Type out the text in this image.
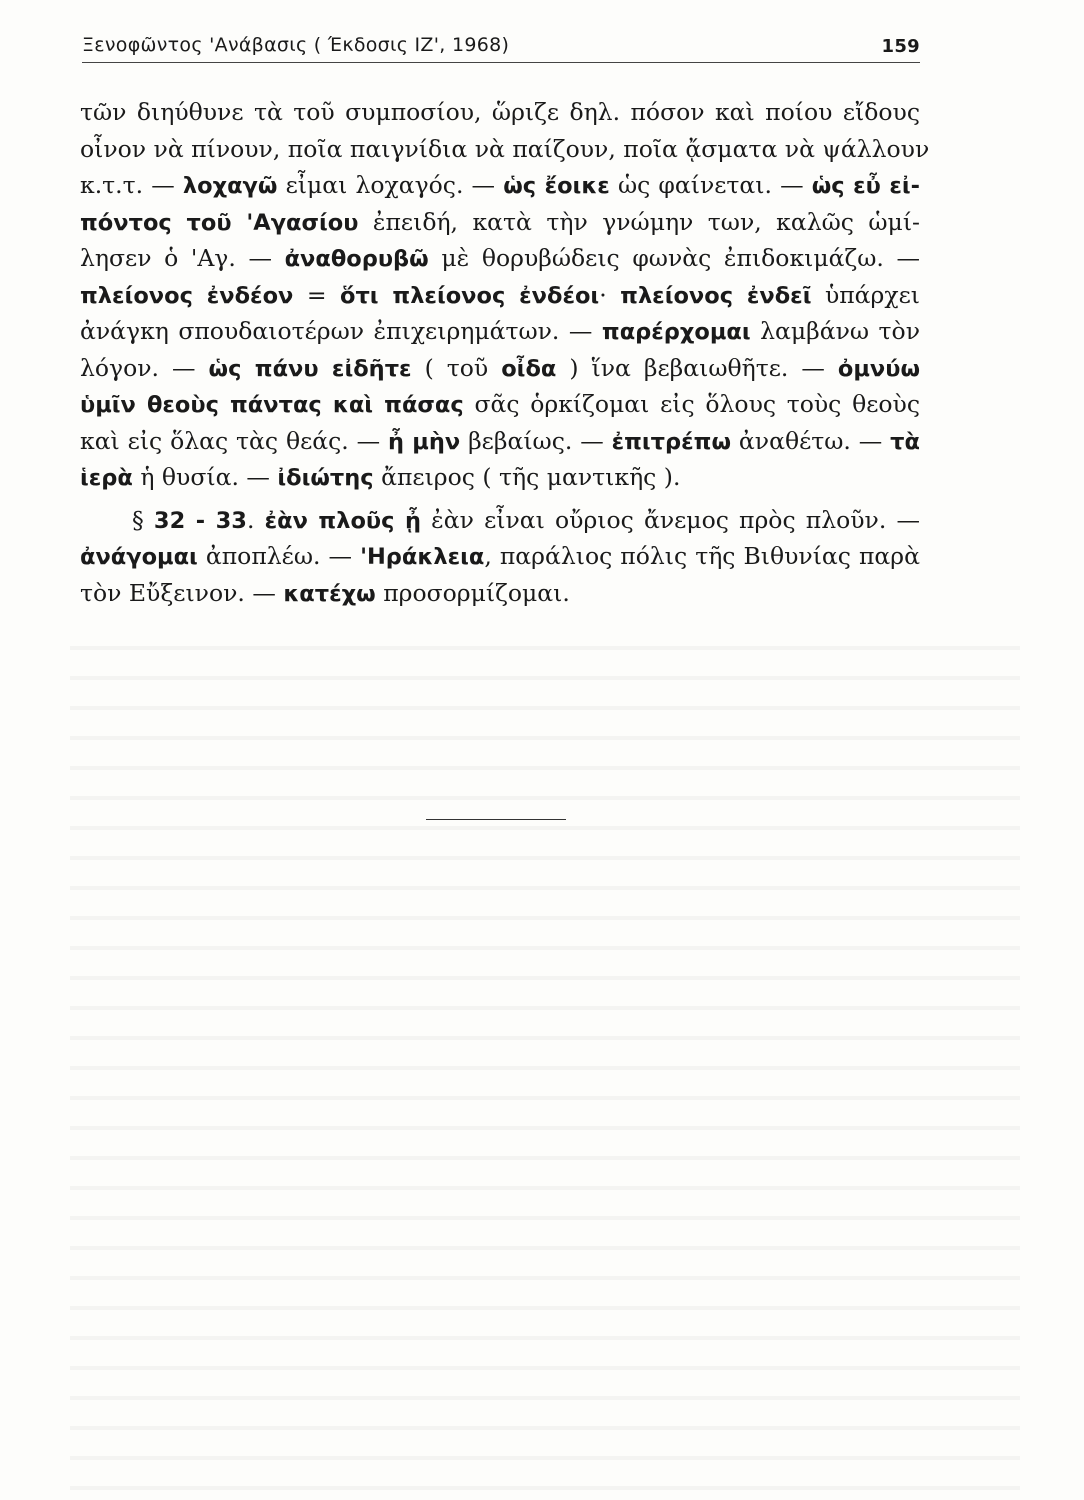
Ξενοφῶντος 'Ανάβασις ( Έκδοσις ΙΖ', 1968)	159
τῶν διηύθυνε τὰ τοῦ συμποσίου, ὥριζε δηλ. πόσον καὶ ποίου εἴδους
οἶνον νὰ πίνουν, ποῖα παιγνίδια νὰ παίζουν, ποῖα ᾄσματα νὰ ψάλλουν
κ.τ.τ. — λοχαγῶ εἶμαι λοχαγός. — ὡς ἔοικε ὡς φαίνεται. — ὡς εὖ εἰ-
πόντος τοῦ 'Αγασίου ἐπειδή, κατὰ τὴν γνώμην των, καλῶς ὡμί-
λησεν ὁ 'Αγ. — ἀναθορυβῶ μὲ θορυβώδεις φωνὰς ἐπιδοκιμάζω. —
πλείονος ἐνδέον = ὅτι πλείονος ἐνδέοι· πλείονος ἐνδεῖ ὑπάρχει
ἀνάγκη σπουδαιοτέρων ἐπιχειρημάτων. — παρέρχομαι λαμβάνω τὸν
λόγον. — ὡς πάνυ εἰδῆτε ( τοῦ οἶδα ) ἵνα βεβαιωθῆτε. — ὀμνύω
ὑμῖν θεοὺς πάντας καὶ πάσας σᾶς ὁρκίζομαι εἰς ὅλους τοὺς θεοὺς
καὶ εἰς ὅλας τὰς θεάς. — ἦ μὴν βεβαίως. — ἐπιτρέπω ἀναθέτω. — τὰ
ἱερὰ ἡ θυσία. — ἰδιώτης ἄπειρος ( τῆς μαντικῆς ).
§ 32 - 33. ἐὰν πλοῦς ᾖ ἐὰν εἶναι οὔριος ἄνεμος πρὸς πλοῦν. —
ἀνάγομαι ἀποπλέω. — 'Ηράκλεια, παράλιος πόλις τῆς Βιθυνίας παρὰ
τὸν Εὔξεινον. — κατέχω προσορμίζομαι.
